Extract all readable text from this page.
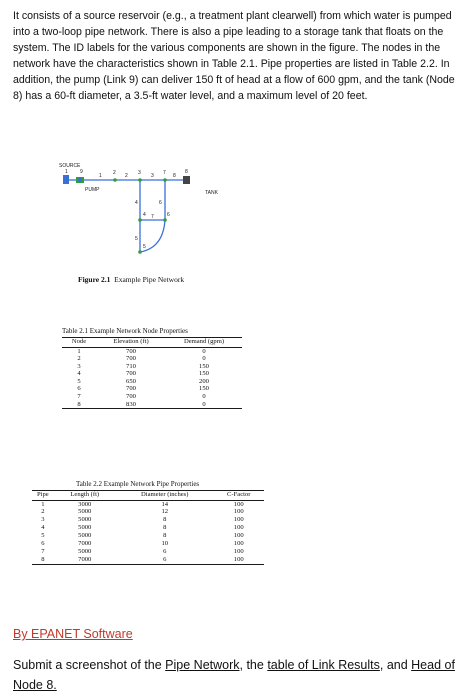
It consists of a source reservoir (e.g., a treatment plant clearwell) from which water is pumped into a two-loop pipe network. There is also a pipe leading to a storage tank that floats on the system. The ID labels for the various components are shown in the figure. The nodes in the network have the characteristics shown in Table 2.1. Pipe properties are listed in Table 2.2. In addition, the pump (Link 9) can deliver 150 ft of head at a flow of 600 gpm, and the tank (Node 8) has a 60-ft diameter, a 3.5-ft water level, and a maximum level of 20 feet.

SOURCE
PUMP	TANK
1	2	3
4
5
6
7	8
9
1	2	3
4
5
6
7
8
Figure 2.1 Example Pipe Network
Table 2.1 Example Network Node Properties
Node	Elevation (ft)	Demand (gpm)
1	700	0
2	700	0
3	710	150
4	700	150
5	650	200
6	700	150
7	700	0
8	830	0
Table 2.2 Example Network Pipe Properties
Pipe	Length (ft)	Diameter (inches)	C-Factor
1	3000	14	100
2	5000	12	100
3	5000	8	100
4	5000	8	100
5	5000	8	100
6	7000	10	100
7	5000	6	100
8	7000	6	100

By EPANET Software

Submit a screenshot of the Pipe Network, the table of Link Results, and Head of Node 8.
